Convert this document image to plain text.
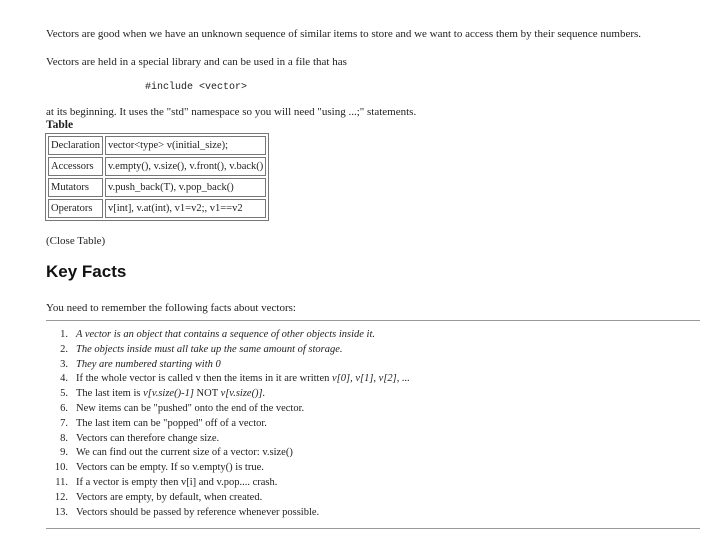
Vectors are good when we have an unknown sequence of similar items to store and we want to access them by their sequence numbers.

Vectors are held in a special library and can be used in a file that has

#include <vector>

at its beginning. It uses the "std" namespace so you will need "using ...;" statements.

Table
Declaration	vector<type> v(initial_size);
Accessors	v.empty(), v.size(), v.front(), v.back()
Mutators	v.push_back(T), v.pop_back()
Operators	v[int], v.at(int), v1=v2;, v1==v2

(Close Table)

Key Facts

You need to remember the following facts about vectors:

1. A vector is an object that contains a sequence of other objects inside it.
2. The objects inside must all take up the same amount of storage.
3. They are numbered starting with 0
4. If the whole vector is called v then the items in it are written v[0], v[1], v[2], ...
5. The last item is v[v.size()-1] NOT v[v.size()].
6. New items can be "pushed" onto the end of the vector.
7. The last item can be "popped" off of a vector.
8. Vectors can therefore change size.
9. We can find out the current size of a vector: v.size()
10. Vectors can be empty. If so v.empty() is true.
11. If a vector is empty then v[i] and v.pop.... crash.
12. Vectors are empty, by default, when created.
13. Vectors should be passed by reference whenever possible.
